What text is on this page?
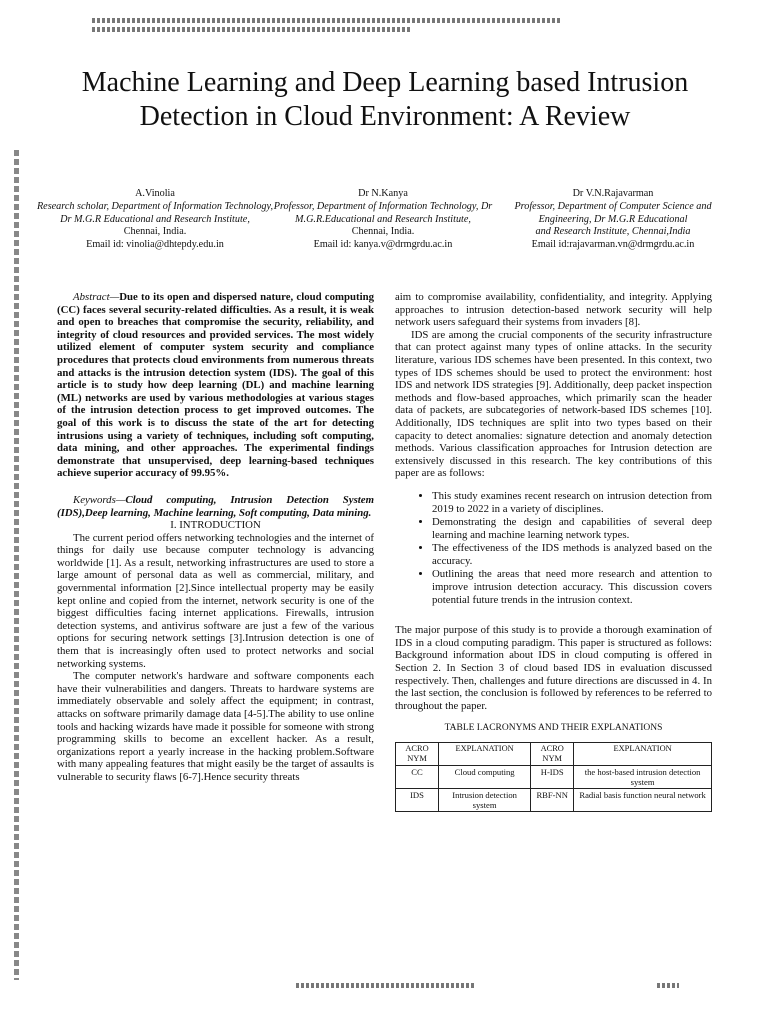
Machine Learning and Deep Learning based Intrusion Detection in Cloud Environment: A Review
A.Vinolia
Research scholar, Department of Information Technology, Dr M.G.R Educational and Research Institute,
Chennai, India.
Email id: vinolia@dhtepdy.edu.in
Dr N.Kanya
Professor, Department of Information Technology, Dr M.G.R.Educational and Research Institute,
Chennai, India.
Email id: kanya.v@drmgrdu.ac.in
Dr V.N.Rajavarman
Professor, Department of Computer Science and Engineering, Dr M.G.R Educational
and Research Institute, Chennai,India
Email id:rajavarman.vn@drmgrdu.ac.in

Abstract—Due to its open and dispersed nature, cloud computing (CC) faces several security-related difficulties. As a result, it is weak and open to breaches that compromise the security, reliability, and integrity of cloud resources and provided services. The most widely utilized element of computer system security and compliance procedures that protects cloud environments from numerous threats and attacks is the intrusion detection system (IDS). The goal of this article is to study how deep learning (DL) and machine learning (ML) networks are used by various methodologies at various stages of the intrusion detection process to get improved outcomes. The goal of this work is to discuss the state of the art for detecting intrusions using a variety of techniques, including soft computing, data mining, and other approaches. The experimental findings demonstrate that unsupervised, deep learning-based techniques achieve superior accuracy of 99.95%.

Keywords—Cloud computing, Intrusion Detection System (IDS),Deep learning, Machine learning, Soft computing, Data mining.

I. INTRODUCTION

The current period offers networking technologies and the internet of things for daily use because computer technology is advancing worldwide [1]. As a result, networking infrastructures are used to store a large amount of personal data as well as commercial, military, and governmental information [2].Since intellectual property may be easily kept online and copied from the internet, network security is one of the biggest difficulties facing internet applications. Firewalls, intrusion detection systems, and antivirus software are just a few of the various options for securing network settings [3].Intrusion detection is one of them that is increasingly often used to protect networks and social networking systems.

The computer network's hardware and software components each have their vulnerabilities and dangers. Threats to hardware systems are immediately observable and solely affect the equipment; in contrast, attacks on software primarily damage data [4-5].The ability to use online tools and hacking wizards have made it possible for someone with strong programming skills to become an excellent hacker. As a result, organizations report a yearly increase in the hacking problem.Software with many appealing features that might easily be the target of assaults is vulnerable to security flaws [6-7].Hence security threats

aim to compromise availability, confidentiality, and integrity. Applying approaches to intrusion detection-based network security will help network users safeguard their systems from invaders [8].

IDS are among the crucial components of the security infrastructure that can protect against many types of online attacks. In the security literature, various IDS schemes have been presented. In this context, two types of IDS schemes should be used to protect the environment: host IDS and network IDS strategies [9]. Additionally, deep packet inspection methods and flow-based approaches, which primarily scan the header data of packets, are subcategories of network-based IDS schemes [10]. Additionally, IDS techniques are split into two types based on their capacity to detect anomalies: signature detection and anomaly detection methods. Various classification approaches for Intrusion detection are extensively discussed in this research. The key contributions of this paper are as follows:

• This study examines recent research on intrusion detection from 2019 to 2022 in a variety of disciplines.
• Demonstrating the design and capabilities of several deep learning and machine learning network types.
• The effectiveness of the IDS methods is analyzed based on the accuracy.
• Outlining the areas that need more research and attention to improve intrusion detection accuracy. This discussion covers potential future trends in the intrusion context.

The major purpose of this study is to provide a thorough examination of IDS in a cloud computing paradigm. This paper is structured as follows: Background information about IDS in cloud computing is offered in Section 2. In Section 3 of cloud based IDS in evaluation discussed respectively. Then, challenges and future directions are discussed in 4. In the last section, the conclusion is followed by references to be referred to throughout the paper.

TABLE I.ACRONYMS AND THEIR EXPLANATIONS
ACRO NYM	EXPLANATION	ACRO NYM	EXPLANATION
CC	Cloud computing	H-IDS	the host-based intrusion detection system
IDS	Intrusion detection system	RBF-NN	Radial basis function neural network
